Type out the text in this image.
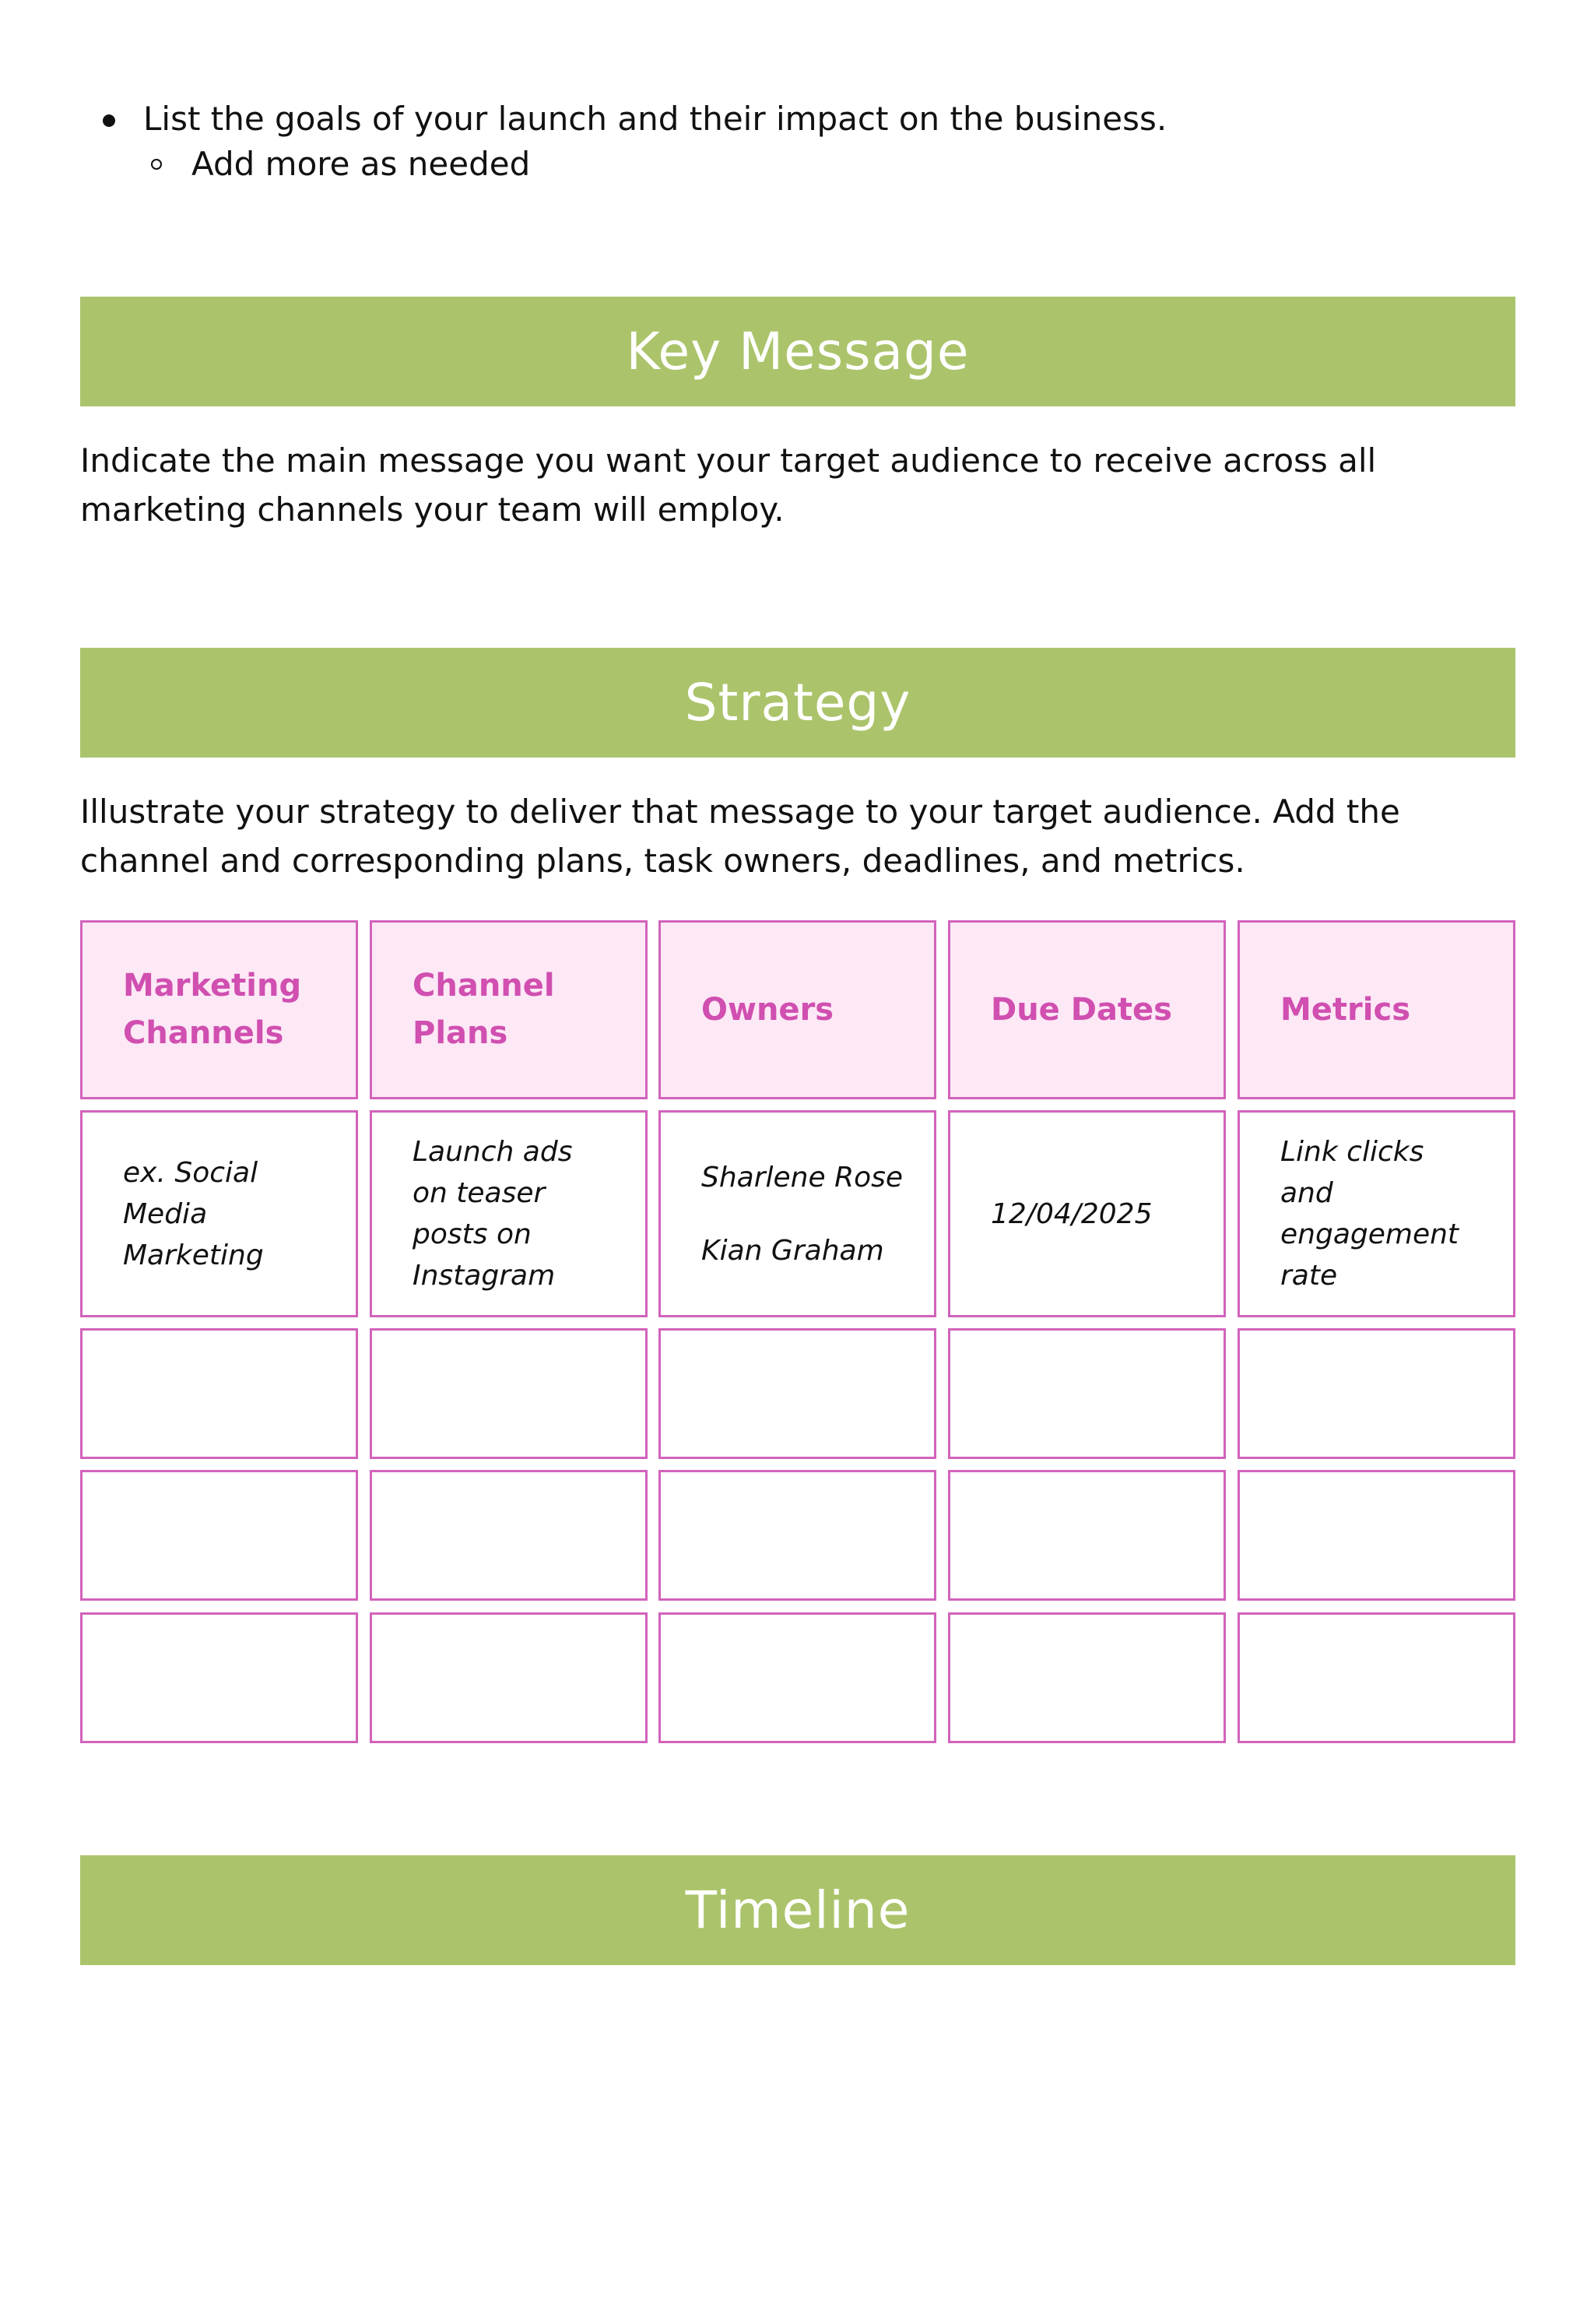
List the goals of your launch and their impact on the business.
Add more as needed
Key Message
Indicate the main message you want your target audience to receive across all marketing channels your team will employ.
Strategy
Illustrate your strategy to deliver that message to your target audience. Add the channel and corresponding plans, task owners, deadlines, and metrics.
Marketing Channels
Channel Plans
Owners	Due Dates	Metrics
ex. Social Media Marketing
Launch ads on teaser posts on Instagram
Sharlene Rose

Kian Graham
12/04/2025
Link clicks and engagement rate
Timeline
